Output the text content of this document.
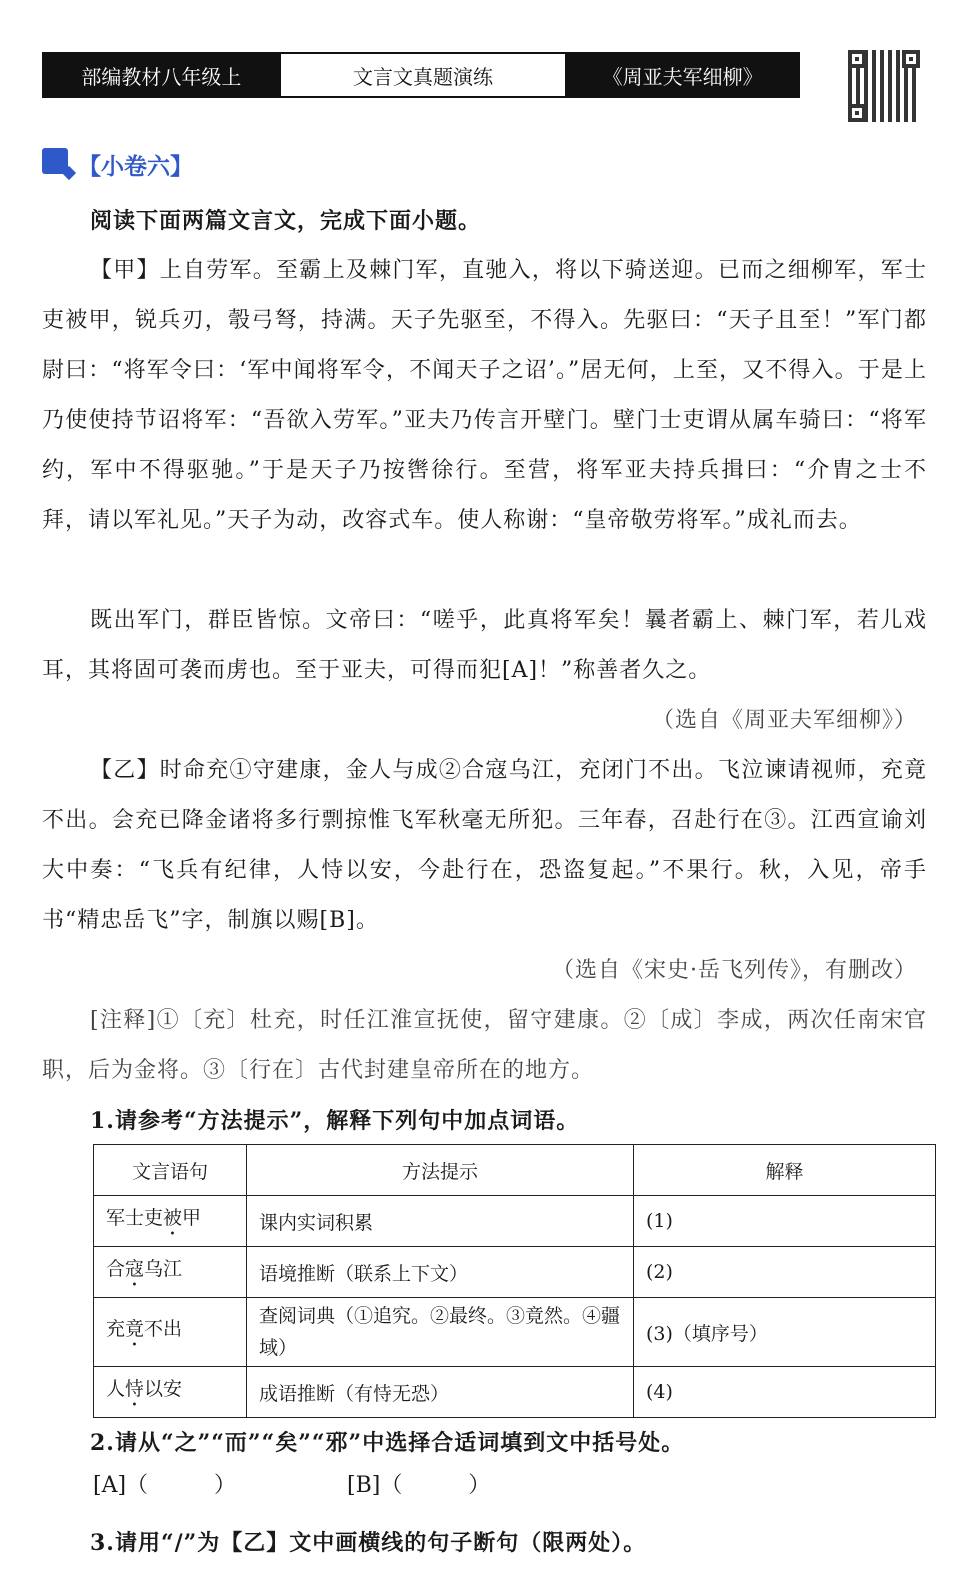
部编教材八年级上	文言文真题演练	《周亚夫军细柳》
【小卷六】
阅读下面两篇文言文，完成下面小题。
【甲】上自劳军。至霸上及棘门军，直驰入，将以下骑送迎。已而之细柳军，军士吏被甲，锐兵刃，彀弓弩，持满。天子先驱至，不得入。先驱曰：“天子且至！”军门都尉曰：“将军令曰：‘军中闻将军令，不闻天子之诏’。”居无何，上至，又不得入。于是上乃使使持节诏将军：“吾欲入劳军。”亚夫乃传言开壁门。壁门士吏谓从属车骑曰：“将军约，军中不得驱驰。”于是天子乃按辔徐行。至营，将军亚夫持兵揖曰：“介胄之士不拜，请以军礼见。”天子为动，改容式车。使人称谢：“皇帝敬劳将军。”成礼而去。
既出军门，群臣皆惊。文帝曰：“嗟乎，此真将军矣！曩者霸上、棘门军，若儿戏耳，其将固可袭而虏也。至于亚夫，可得而犯[A]！”称善者久之。
（选自《周亚夫军细柳》）
【乙】时命充①守建康，金人与成②合寇乌江，充闭门不出。飞泣谏请视师，充竟不出。会充已降金诸将多行剽掠惟飞军秋毫无所犯。三年春，召赴行在③。江西宣谕刘大中奏：“飞兵有纪律，人恃以安，今赴行在，恐盗复起。”不果行。秋，入见，帝手书“精忠岳飞”字，制旗以赐[B]。
（选自《宋史·岳飞列传》，有删改）
[注释]①〔充〕杜充，时任江淮宣抚使，留守建康。②〔成〕李成，两次任南宋官职，后为金将。③〔行在〕古代封建皇帝所在的地方。
1.请参考“方法提示”，解释下列句中加点词语。
文言语句	方法提示	解释
军士吏被甲	课内实词积累	(1)
合寇乌江	语境推断（联系上下文）	(2)
充竟不出	查阅词典（①追究。②最终。③竟然。④疆域）	(3)（填序号）
人恃以安	成语推断（有恃无恐）	(4)
2.请从“之”“而”“矣”“邪”中选择合适词填到文中括号处。
[A]（　　　）	[B]（　　　）
3.请用“/”为【乙】文中画横线的句子断句（限两处）。
